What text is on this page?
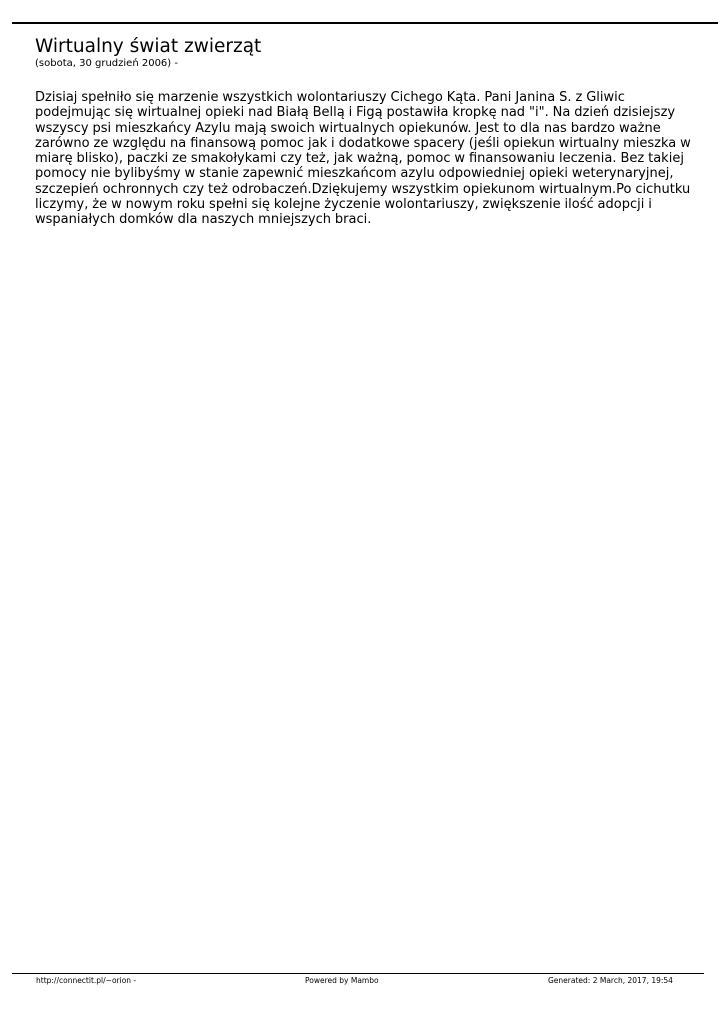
Wirtualny świat zwierząt

(sobota, 30 grudzień 2006) -

Dzisiaj spełniło się marzenie wszystkich wolontariuszy Cichego Kąta. Pani Janina S. z Gliwic podejmując się wirtualnej opieki nad Białą Bellą i Figą postawiła kropkę nad "i". Na dzień dzisiejszy wszyscy psi mieszkańcy Azylu mają swoich wirtualnych opiekunów. Jest to dla nas bardzo ważne zarówno ze względu na finansową pomoc jak i dodatkowe spacery (jeśli opiekun wirtualny mieszka w miarę blisko), paczki ze smakołykami czy też, jak ważną, pomoc w finansowaniu leczenia. Bez takiej pomocy nie bylibyśmy w stanie zapewnić mieszkańcom azylu odpowiedniej opieki weterynaryjnej, szczepień ochronnych czy też odrobaczeń.Dziękujemy wszystkim opiekunom wirtualnym.Po cichutku liczymy, że w nowym roku spełni się kolejne życzenie wolontariuszy, zwiększenie ilość adopcji i wspaniałych domków dla naszych mniejszych braci.
http://connectit.pl/~orion -	Powered by Mambo	Generated: 2 March, 2017, 19:54
